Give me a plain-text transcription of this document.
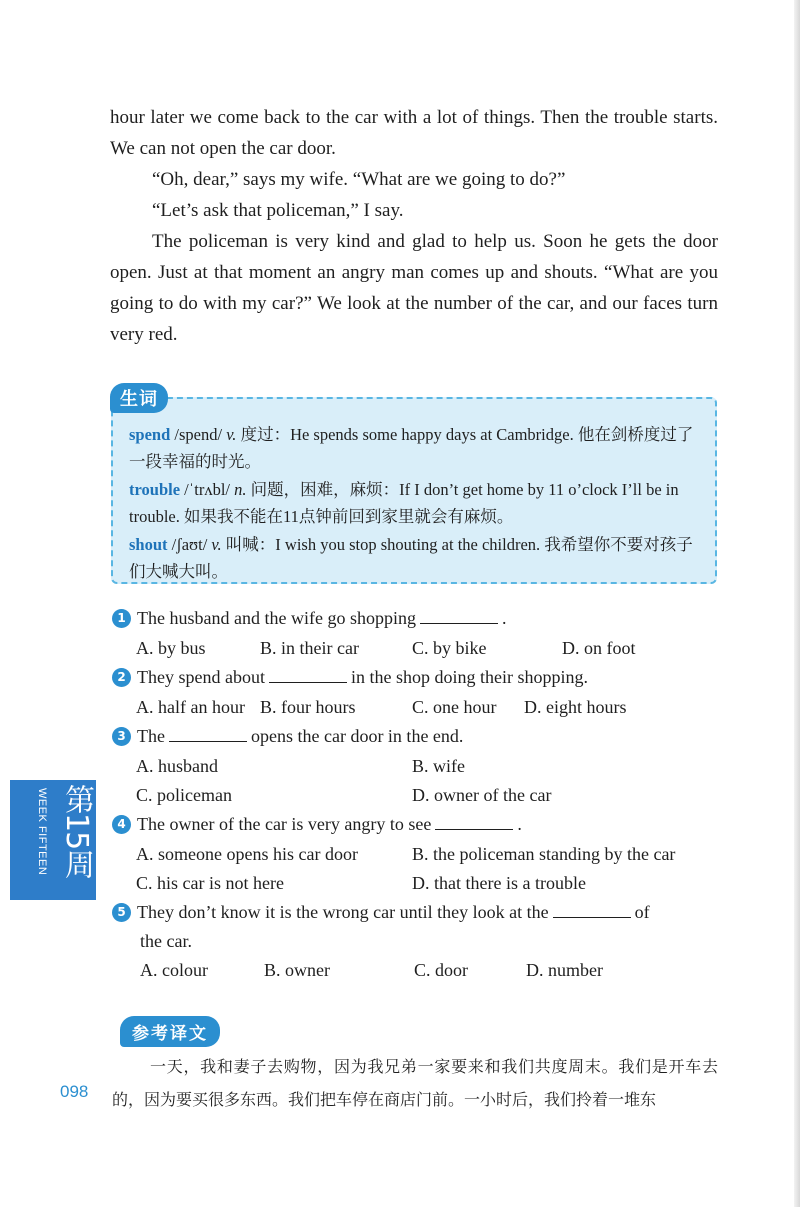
hour later we come back to the car with a lot of things. Then the trouble starts. We can not open the car door.

“Oh, dear,” says my wife. “What are we going to do?”

“Let’s ask that policeman,” I say.

The policeman is very kind and glad to help us. Soon he gets the door open. Just at that moment an angry man comes up and shouts. “What are you going to do with my car?” We look at the number of the car, and our faces turn very red.

生词

spend /spend/ v. 度过：He spends some happy days at Cambridge. 他在剑桥度过了一段幸福的时光。

trouble /ˈtrʌbl/ n. 问题，困难，麻烦：If I don’t get home by 11 o’clock I’ll be in trouble. 如果我不能在11点钟前回到家里就会有麻烦。

shout /ʃaʊt/ v. 叫喊：I wish you stop shouting at the children. 我希望你不要对孩子们大喊大叫。

1 The husband and the wife go shopping	.
A. by bus	B. in their car	C. by bike	D. on foot
2 They spend about	in the shop doing their shopping.
A. half an hour B. four hours	C. one hour D. eight hours
3 The	opens the car door in the end.
A. husband	B. wife
C. policeman	D. owner of the car
4 The owner of the car is very angry to see	.
A. someone opens his car door	B. the policeman standing by the car
C. his car is not here	D. that there is a trouble
5 They don’t know it is the wrong car until they look at the	of
the car.
A. colour	B. owner	C. door	D. number
第15周
WEEK FIFTEEN
参考译文

一天，我和妻子去购物，因为我兄弟一家要来和我们共度周末。我们是开车去的，因为要买很多东西。我们把车停在商店门前。一小时后，我们拎着一堆东

098
